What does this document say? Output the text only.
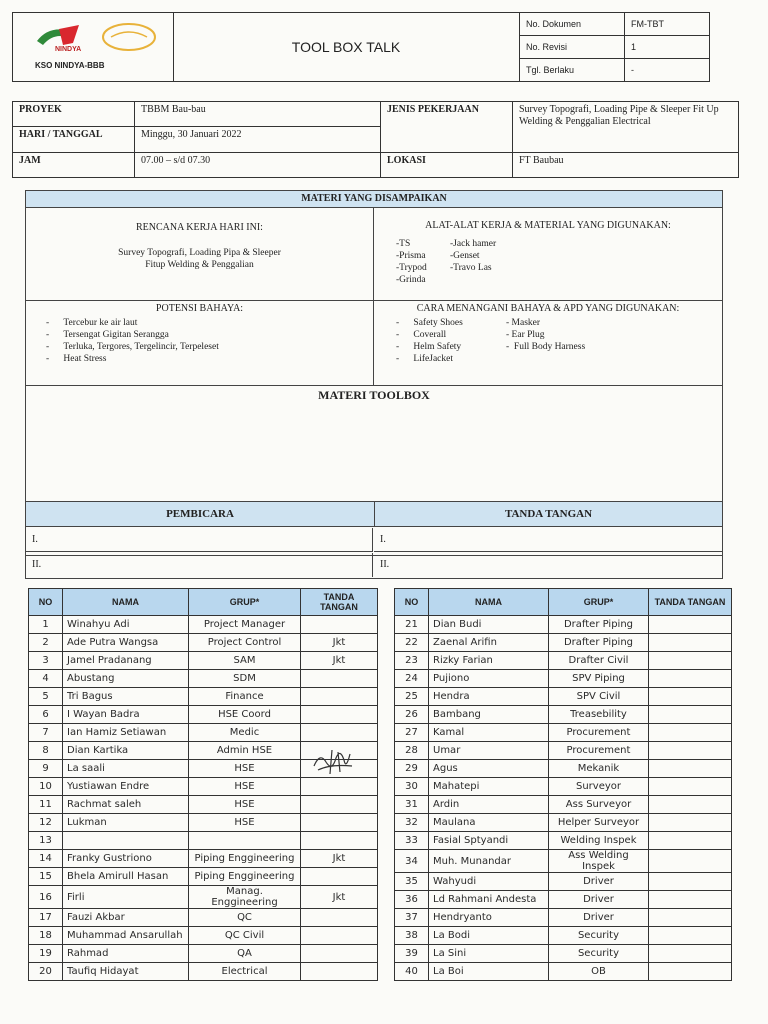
NINDYA
KSO NINDYA-BBB
TOOL BOX TALK
No. Dokumen	FM-TBT
No. Revisi	1
Tgl. Berlaku	-
PROYEK	TBBM Bau-bau	JENIS PEKERJAAN	Survey Topografi, Loading Pipe & Sleeper Fit Up Welding & Penggalian Electrical
HARI / TANGGAL	Minggu, 30 Januari 2022		
JAM	07.00 – s/d 07.30	LOKASI	FT Baubau
MATERI YANG DISAMPAIKAN
RENCANA KERJA HARI INI:
Survey Topografi, Loading Pipa & Sleeper
Fitup Welding & Penggalian
ALAT-ALAT KERJA & MATERIAL YANG DIGUNAKAN:
-TS
-Prisma
-Trypod
-Grinda
-Jack hamer
-Genset
-Travo Las
POTENSI BAHAYA:
-      Tercebur ke air laut
-      Tersengat Gigitan Serangga
-      Terluka, Tergores, Tergelincir, Terpeleset
-      Heat Stress
CARA MENANGANI BAHAYA & APD YANG DIGUNAKAN:
-      Safety Shoes
-      Coverall
-      Helm Safety
-      LifeJacket
- Masker
- Ear Plug
-  Full Body Harness
MATERI TOOLBOX
PEMBICARA	TANDA TANGAN
I.	I.
II.	II.
NO	NAMA	GRUP*	TANDA TANGAN
1	Winahyu Adi	Project Manager	
2	Ade Putra Wangsa	Project Control	Jkt
3	Jamel Pradanang	SAM	Jkt
4	Abustang	SDM	
5	Tri Bagus	Finance	
6	I Wayan Badra	HSE Coord	
7	Ian Hamiz Setiawan	Medic	
8	Dian Kartika	Admin HSE	
9	La saali	HSE	
10	Yustiawan Endre	HSE	
11	Rachmat saleh	HSE	
12	Lukman	HSE	
13			
14	Franky Gustriono	Piping Enggineering	Jkt
15	Bhela Amirull Hasan	Piping Enggineering	
16	Firli	Manag. Enggineering	Jkt
17	Fauzi Akbar	QC	
18	Muhammad Ansarullah	QC Civil	
19	Rahmad	QA	
20	Taufiq Hidayat	Electrical	
NO	NAMA	GRUP*	TANDA TANGAN
21	Dian Budi	Drafter Piping	
22	Zaenal Arifin	Drafter Piping	
23	Rizky Farian	Drafter Civil	
24	Pujiono	SPV Piping	
25	Hendra	SPV Civil	
26	Bambang	Treasebility	
27	Kamal	Procurement	
28	Umar	Procurement	
29	Agus	Mekanik	
30	Mahatepi	Surveyor	
31	Ardin	Ass Surveyor	
32	Maulana	Helper Surveyor	
33	Fasial Sptyandi	Welding Inspek	
34	Muh. Munandar	Ass Welding Inspek	
35	Wahyudi	Driver	
36	Ld Rahmani Andesta	Driver	
37	Hendryanto	Driver	
38	La Bodi	Security	
39	La Sini	Security	
40	La Boi	OB	
